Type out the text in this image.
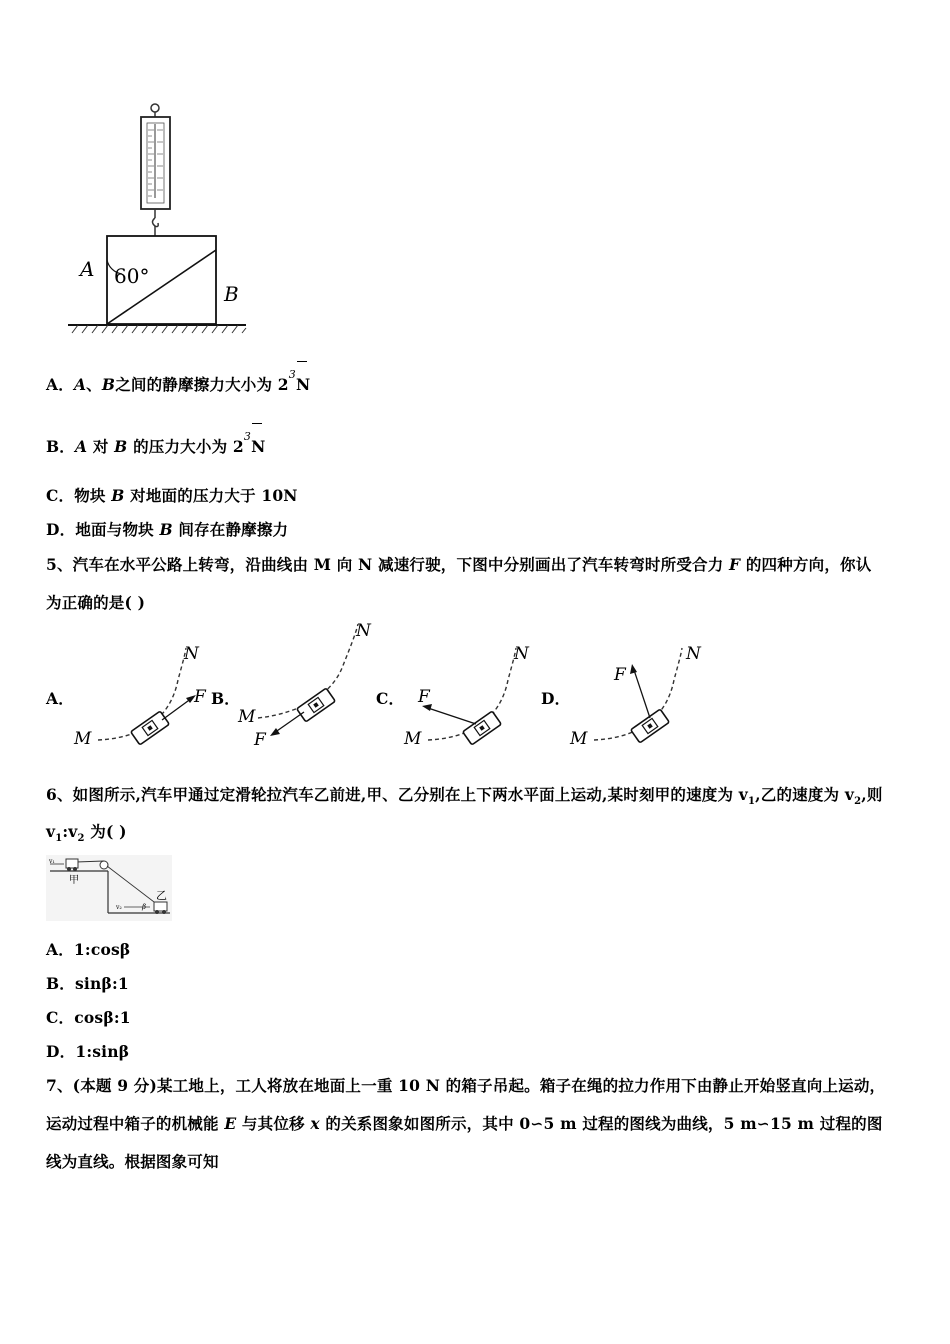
60°
A
B
A．A、B之间的静摩擦力大小为 $2^3$
N
B．A 对 B 的压力大小为 $2^3$
N
C．物块 B 对地面的压力大于 10N
D．地面与物块 B 间存在静摩擦力
5、汽车在水平公路上转弯，沿曲线由 M 向 N 减速行驶，下图中分别画出了汽车转弯时所受合力 F 的四种方向，你认
为正确的是( )
A．	B．	C．	D．
F
M
N
F
M
N
F
M
N
F
M
N
6、如图所示,汽车甲通过定滑轮拉汽车乙前进,甲、乙分别在上下两水平面上运动,某时刻甲的速度为 $v_1$,乙的速度为 $v_2$,则
$v_1:v_2$ 为( )
v₁
甲
乙
β
v₂
A．1:cosβ
B．sinβ:1
C．cosβ:1
D．1:sinβ
7、(本题 9 分)某工地上，工人将放在地面上一重 10 N 的箱子吊起。箱子在绳的拉力作用下由静止开始竖直向上运动，
运动过程中箱子的机械能 E 与其位移 x 的关系图象如图所示，其中 0∽5 m 过程的图线为曲线，5 m∽15 m 过程的图
线为直线。根据图象可知
